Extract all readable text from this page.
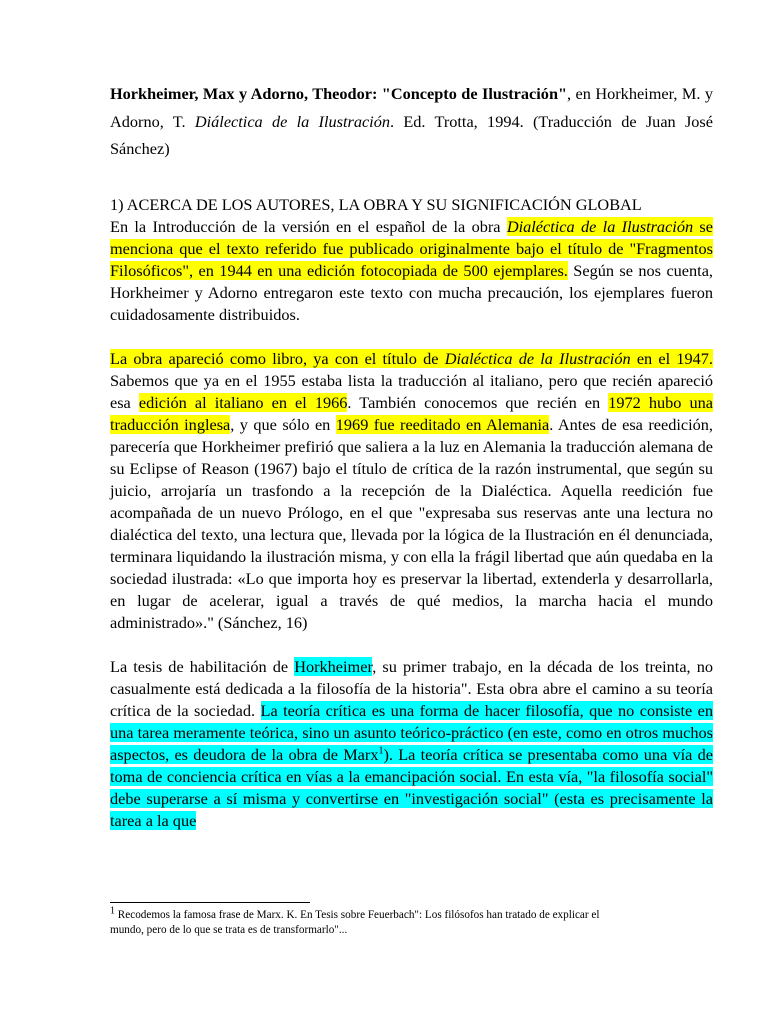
Horkheimer, Max y Adorno, Theodor: "Concepto de Ilustración", en Horkheimer, M. y Adorno, T. Diálectica de la Ilustración. Ed. Trotta, 1994. (Traducción de Juan José Sánchez)

1) ACERCA DE LOS AUTORES, LA OBRA Y SU SIGNIFICACIÓN GLOBAL

En la Introducción de la versión en el español de la obra Dialéctica de la Ilustración se menciona que el texto referido fue publicado originalmente bajo el título de "Fragmentos Filosóficos", en 1944 en una edición fotocopiada de 500 ejemplares. Según se nos cuenta, Horkheimer y Adorno entregaron este texto con mucha precaución, los ejemplares fueron cuidadosamente distribuidos.

La obra apareció como libro, ya con el título de Dialéctica de la Ilustración en el 1947. Sabemos que ya en el 1955 estaba lista la traducción al italiano, pero que recién apareció esa edición al italiano en el 1966. También conocemos que recién en 1972 hubo una traducción inglesa, y que sólo en 1969 fue reeditado en Alemania. Antes de esa reedición, parecería que Horkheimer prefirió que saliera a la luz en Alemania la traducción alemana de su Eclipse of Reason (1967) bajo el título de crítica de la razón instrumental, que según su juicio, arrojaría un trasfondo a la recepción de la Dialéctica. Aquella reedición fue acompañada de un nuevo Prólogo, en el que "expresaba sus reservas ante una lectura no dialéctica del texto, una lectura que, llevada por la lógica de la Ilustración en él denunciada, terminara liquidando la ilustración misma, y con ella la frágil libertad que aún quedaba en la sociedad ilustrada: «Lo que importa hoy es preservar la libertad, extenderla y desarrollarla, en lugar de acelerar, igual a través de qué medios, la marcha hacia el mundo administrado»." (Sánchez, 16)

La tesis de habilitación de Horkheimer, su primer trabajo, en la década de los treinta, no casualmente está dedicada a la filosofía de la historia". Esta obra abre el camino a su teoría crítica de la sociedad. La teoría crítica es una forma de hacer filosofía, que no consiste en una tarea meramente teórica, sino un asunto teórico-práctico (en este, como en otros muchos aspectos, es deudora de la obra de Marx$^1$). La teoría crítica se presentaba como una vía de toma de conciencia crítica en vías a la emancipación social. En esta vía, "la filosofía social" debe superarse a sí misma y convertirse en "investigación social" (esta es precisamente la tarea a la que

$^1$ Recodemos la famosa frase de Marx. K. En Tesis sobre Feuerbach": Los filósofos han tratado de explicar el mundo, pero de lo que se trata es de transformarlo"...
